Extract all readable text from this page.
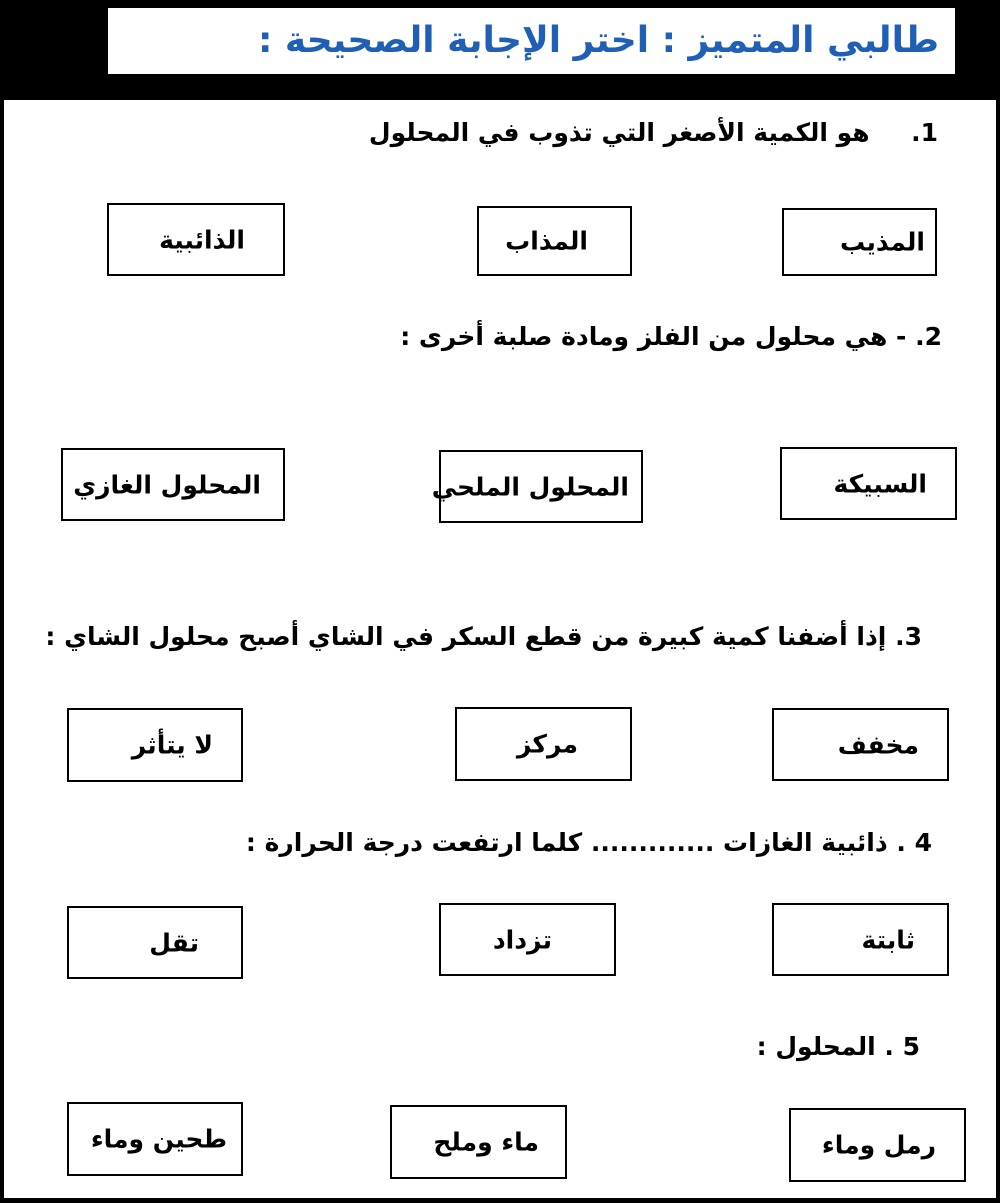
طالبي المتميز : اختر الإجابة الصحيحة :
1.  هو الكمية الأصغر التي تذوب في المحلول
المذيب
المذاب
الذائبية
2. - هي محلول من الفلز ومادة صلبة أخرى :
السبيكة
المحلول الملحي
المحلول الغازي
3. إذا أضفنا كمية كبيرة من قطع السكر في الشاي أصبح محلول الشاي :
مخفف
مركز
لا يتأثر
4 . ذائبية الغازات ............. كلما ارتفعت درجة الحرارة :
ثابتة
تزداد
تقل
5 . المحلول :
رمل وماء
ماء وملح
طحين وماء
